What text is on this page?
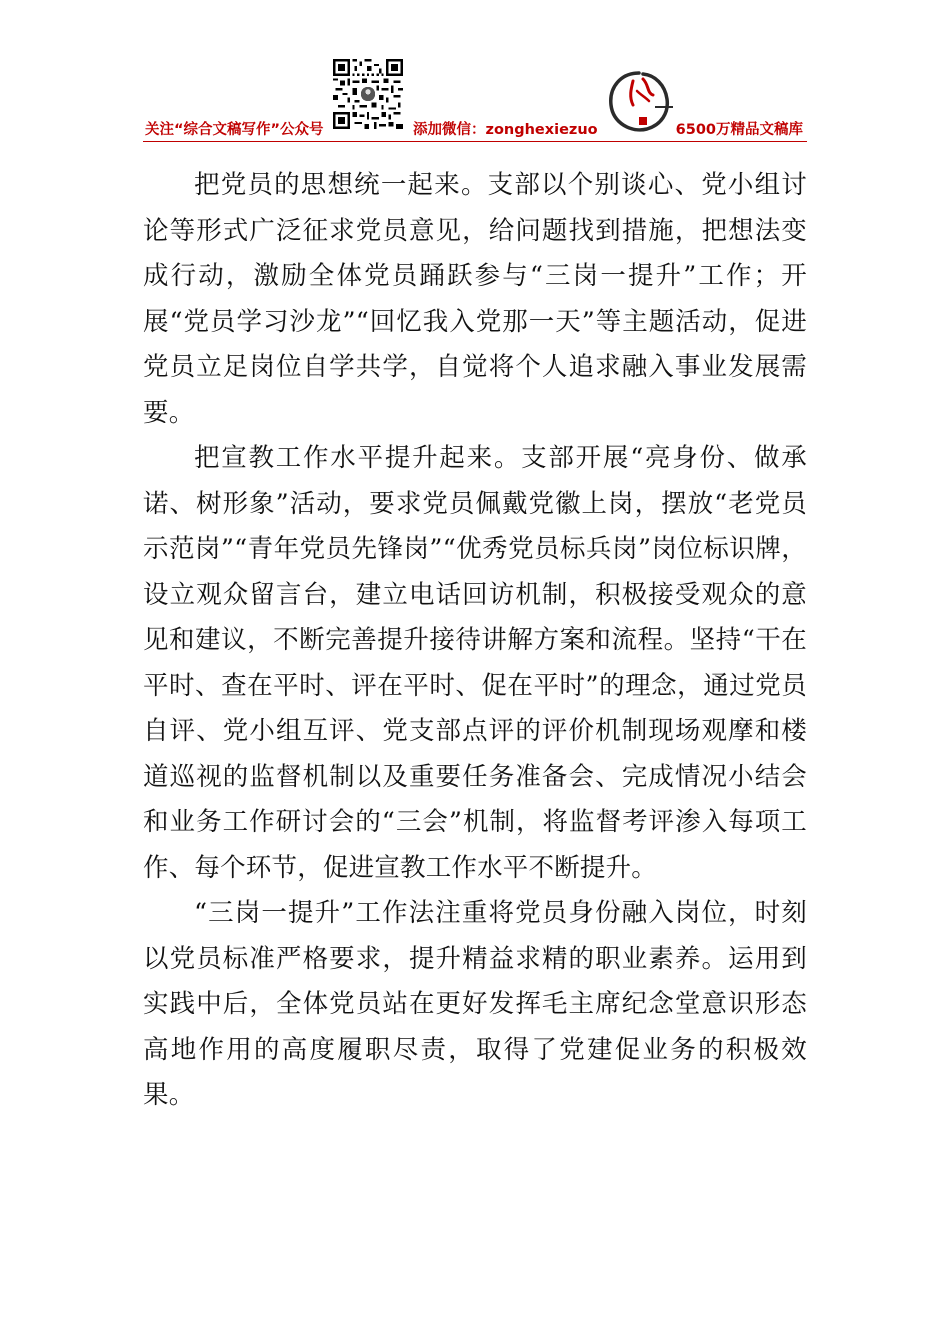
关注“综合文稿写作”公众号	添加微信：zonghexiezuo	6500万精品文稿库

把党员的思想统一起来。支部以个别谈心、党小组讨论等形式广泛征求党员意见，给问题找到措施，把想法变成行动，激励全体党员踊跃参与“三岗一提升”工作；开展“党员学习沙龙”“回忆我入党那一天”等主题活动，促进党员立足岗位自学共学，自觉将个人追求融入事业发展需要。

把宣教工作水平提升起来。支部开展“亮身份、做承诺、树形象”活动，要求党员佩戴党徽上岗，摆放“老党员示范岗”“青年党员先锋岗”“优秀党员标兵岗”岗位标识牌，设立观众留言台，建立电话回访机制，积极接受观众的意见和建议，不断完善提升接待讲解方案和流程。坚持“干在平时、查在平时、评在平时、促在平时”的理念，通过党员自评、党小组互评、党支部点评的评价机制现场观摩和楼道巡视的监督机制以及重要任务准备会、完成情况小结会和业务工作研讨会的“三会”机制，将监督考评渗入每项工作、每个环节，促进宣教工作水平不断提升。

“三岗一提升”工作法注重将党员身份融入岗位，时刻以党员标准严格要求，提升精益求精的职业素养。运用到实践中后，全体党员站在更好发挥毛主席纪念堂意识形态高地作用的高度履职尽责，取得了党建促业务的积极效果。
